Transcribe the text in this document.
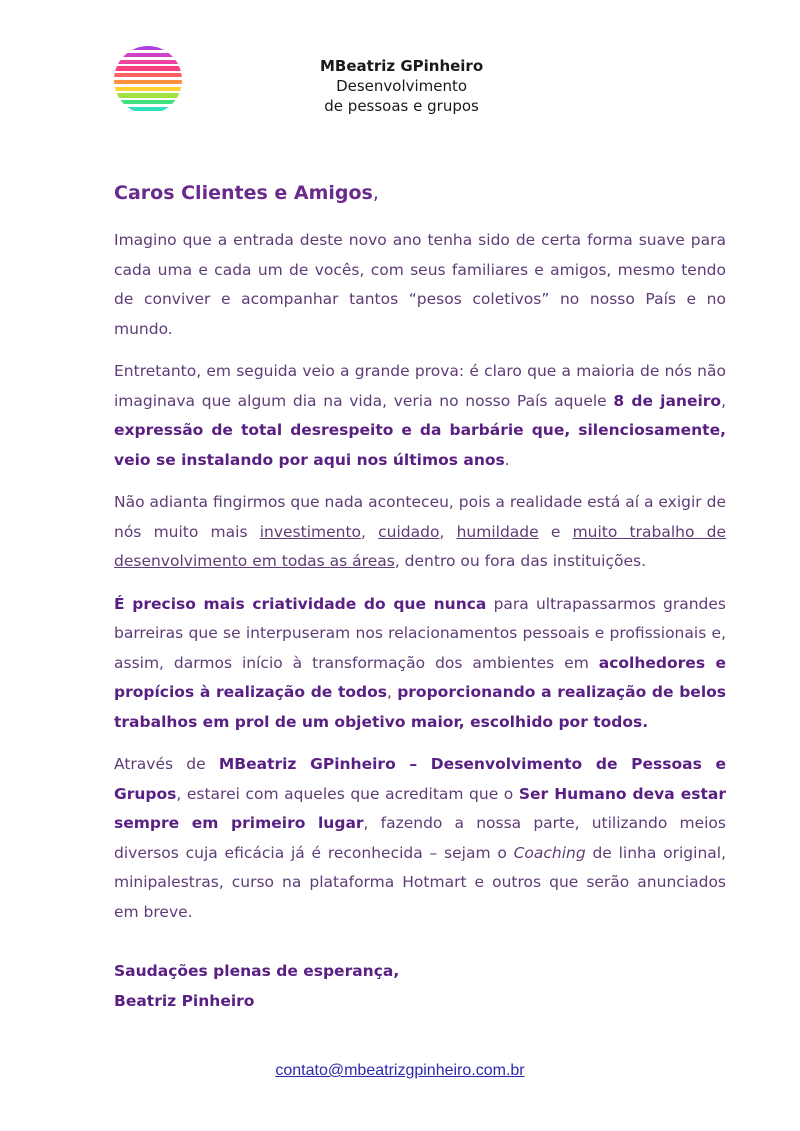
MBeatriz GPinheiro
Desenvolvimento
de pessoas e grupos
Caros Clientes e Amigos,

Imagino que a entrada deste novo ano tenha sido de certa forma suave para cada uma e cada um de vocês, com seus familiares e amigos, mesmo tendo de conviver e acompanhar tantos “pesos coletivos” no nosso País e no mundo.

Entretanto, em seguida veio a grande prova: é claro que a maioria de nós não imaginava que algum dia na vida, veria no nosso País aquele 8 de janeiro, expressão de total desrespeito e da barbárie que, silenciosamente, veio se instalando por aqui nos últimos anos.

Não adianta fingirmos que nada aconteceu, pois a realidade está aí a exigir de nós muito mais investimento, cuidado, humildade e muito trabalho de desenvolvimento em todas as áreas, dentro ou fora das instituições.

É preciso mais criatividade do que nunca para ultrapassarmos grandes barreiras que se interpuseram nos relacionamentos pessoais e profissionais e, assim, darmos início à transformação dos ambientes em acolhedores e propícios à realização de todos, proporcionando a realização de belos trabalhos em prol de um objetivo maior, escolhido por todos.

Através de MBeatriz GPinheiro – Desenvolvimento de Pessoas e Grupos, estarei com aqueles que acreditam que o Ser Humano deva estar sempre em primeiro lugar, fazendo a nossa parte, utilizando meios diversos cuja eficácia já é reconhecida – sejam o Coaching de linha original, minipalestras, curso na plataforma Hotmart e outros que serão anunciados em breve.

Saudações plenas de esperança,
Beatriz Pinheiro
contato@mbeatrizgpinheiro.com.br
